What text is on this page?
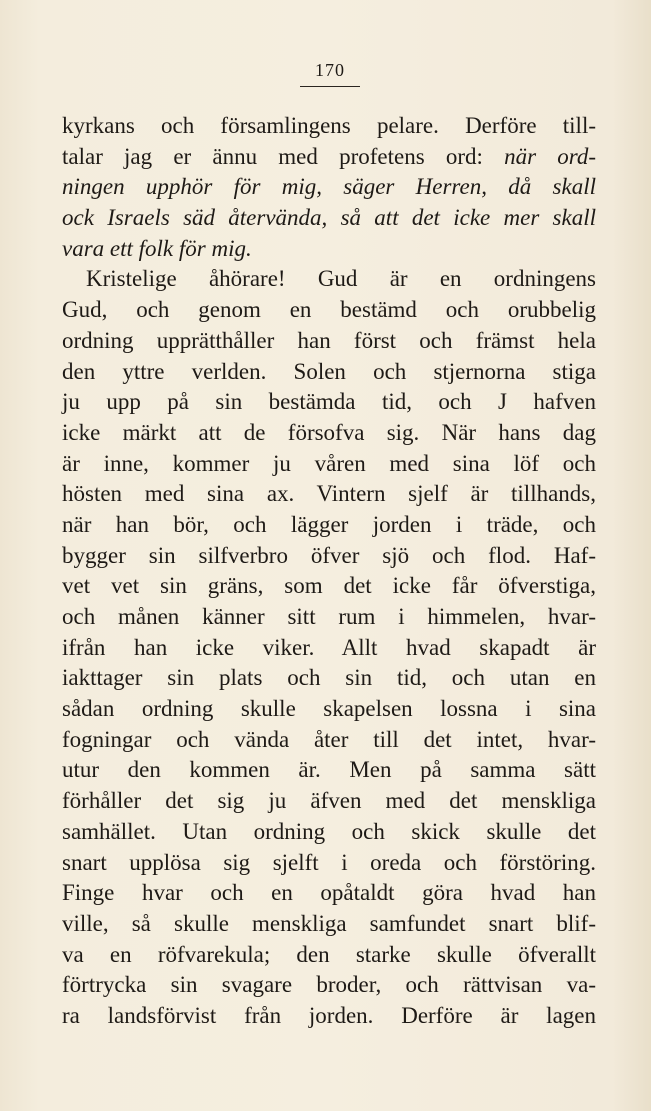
170
kyrkans och församlingens pelare. Derföre till-
talar jag er ännu med profetens ord: när ord-
ningen upphör för mig, säger Herren, då skall
ock Israels säd återvända, så att det icke mer skall
vara ett folk för mig.
Kristelige åhörare! Gud är en ordningens
Gud, och genom en bestämd och orubbelig
ordning upprätthåller han först och främst hela
den yttre verlden. Solen och stjernorna stiga
ju upp på sin bestämda tid, och J hafven
icke märkt att de försofva sig. När hans dag
är inne, kommer ju våren med sina löf och
hösten med sina ax. Vintern sjelf är tillhands,
när han bör, och lägger jorden i träde, och
bygger sin silfverbro öfver sjö och flod. Haf-
vet vet sin gräns, som det icke får öfverstiga,
och månen känner sitt rum i himmelen, hvar-
ifrån han icke viker. Allt hvad skapadt är
iakttager sin plats och sin tid, och utan en
sådan ordning skulle skapelsen lossna i sina
fogningar och vända åter till det intet, hvar-
utur den kommen är. Men på samma sätt
förhåller det sig ju äfven med det menskliga
samhället. Utan ordning och skick skulle det
snart upplösa sig sjelft i oreda och förstöring.
Finge hvar och en opåtaldt göra hvad han
ville, så skulle menskliga samfundet snart blif-
va en röfvarekula; den starke skulle öfverallt
förtrycka sin svagare broder, och rättvisan va-
ra landsförvist från jorden. Derföre är lagen
